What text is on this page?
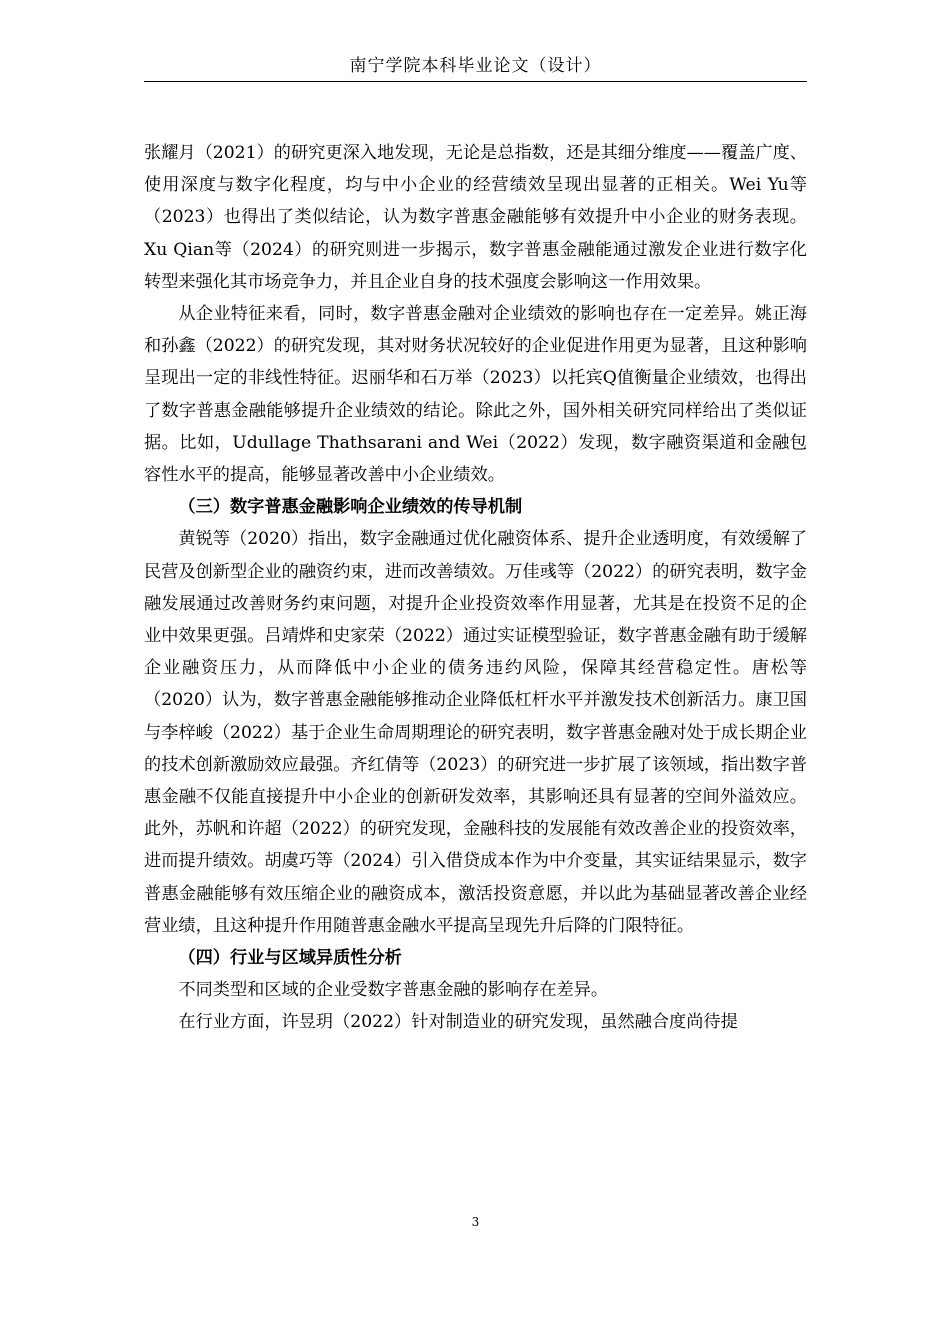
南宁学院本科毕业论文（设计）

张耀月（2021）的研究更深入地发现，无论是总指数，还是其细分维度——覆盖广度、使用深度与数字化程度，均与中小企业的经营绩效呈现出显著的正相关。Wei Yu等（2023）也得出了类似结论，认为数字普惠金融能够有效提升中小企业的财务表现。Xu Qian等（2024）的研究则进一步揭示，数字普惠金融能通过激发企业进行数字化转型来强化其市场竞争力，并且企业自身的技术强度会影响这一作用效果。

从企业特征来看，同时，数字普惠金融对企业绩效的影响也存在一定差异。姚正海和孙鑫（2022）的研究发现，其对财务状况较好的企业促进作用更为显著，且这种影响呈现出一定的非线性特征。迟丽华和石万举（2023）以托宾Q值衡量企业绩效，也得出了数字普惠金融能够提升企业绩效的结论。除此之外，国外相关研究同样给出了类似证据。比如，Udullage Thathsarani and Wei（2022）发现，数字融资渠道和金融包容性水平的提高，能够显著改善中小企业绩效。

（三）数字普惠金融影响企业绩效的传导机制

黄锐等（2020）指出，数字金融通过优化融资体系、提升企业透明度，有效缓解了民营及创新型企业的融资约束，进而改善绩效。万佳彧等（2022）的研究表明，数字金融发展通过改善财务约束问题，对提升企业投资效率作用显著，尤其是在投资不足的企业中效果更强。吕靖烨和史家荣（2022）通过实证模型验证，数字普惠金融有助于缓解企业融资压力，从而降低中小企业的债务违约风险，保障其经营稳定性。唐松等（2020）认为，数字普惠金融能够推动企业降低杠杆水平并激发技术创新活力。康卫国与李梓峻（2022）基于企业生命周期理论的研究表明，数字普惠金融对处于成长期企业的技术创新激励效应最强。齐红倩等（2023）的研究进一步扩展了该领域，指出数字普惠金融不仅能直接提升中小企业的创新研发效率，其影响还具有显著的空间外溢效应。此外，苏帆和许超（2022）的研究发现，金融科技的发展能有效改善企业的投资效率，进而提升绩效。胡虞巧等（2024）引入借贷成本作为中介变量，其实证结果显示，数字普惠金融能够有效压缩企业的融资成本，激活投资意愿，并以此为基础显著改善企业经营业绩，且这种提升作用随普惠金融水平提高呈现先升后降的门限特征。

（四）行业与区域异质性分析

不同类型和区域的企业受数字普惠金融的影响存在差异。

在行业方面，许昱玥（2022）针对制造业的研究发现，虽然融合度尚待提

3
